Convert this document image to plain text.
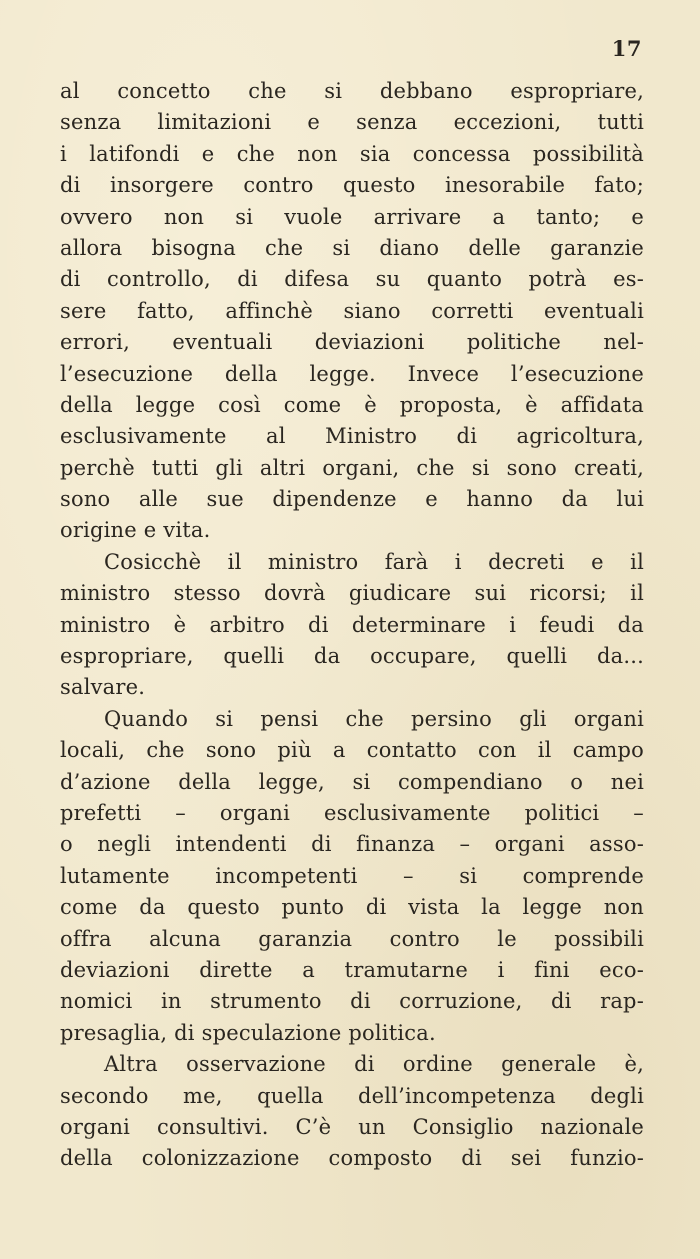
17

al concetto che si debbano espropriare,
senza limitazioni e senza eccezioni, tutti
i latifondi e che non sia concessa possibilità
di insorgere contro questo inesorabile fato;
ovvero non si vuole arrivare a tanto; e
allora bisogna che si diano delle garanzie
di controllo, di difesa su quanto potrà es-
sere fatto, affinchè siano corretti eventuali
errori, eventuali deviazioni politiche nel-
l’esecuzione della legge. Invece l’esecuzione
della legge così come è proposta, è affidata
esclusivamente al Ministro di agricoltura,
perchè tutti gli altri organi, che si sono creati,
sono alle sue dipendenze e hanno da lui
origine e vita.

Cosicchè il ministro farà i decreti e il
ministro stesso dovrà giudicare sui ricorsi; il
ministro è arbitro di determinare i feudi da
espropriare, quelli da occupare, quelli da...
salvare.

Quando si pensi che persino gli organi
locali, che sono più a contatto con il campo
d’azione della legge, si compendiano o nei
prefetti – organi esclusivamente politici –
o negli intendenti di finanza – organi asso-
lutamente incompetenti – si comprende
come da questo punto di vista la legge non
offra alcuna garanzia contro le possibili
deviazioni dirette a tramutarne i fini eco-
nomici in strumento di corruzione, di rap-
presaglia, di speculazione politica.

Altra osservazione di ordine generale è,
secondo me, quella dell’incompetenza degli
organi consultivi. C’è un Consiglio nazionale
della colonizzazione composto di sei funzio-
